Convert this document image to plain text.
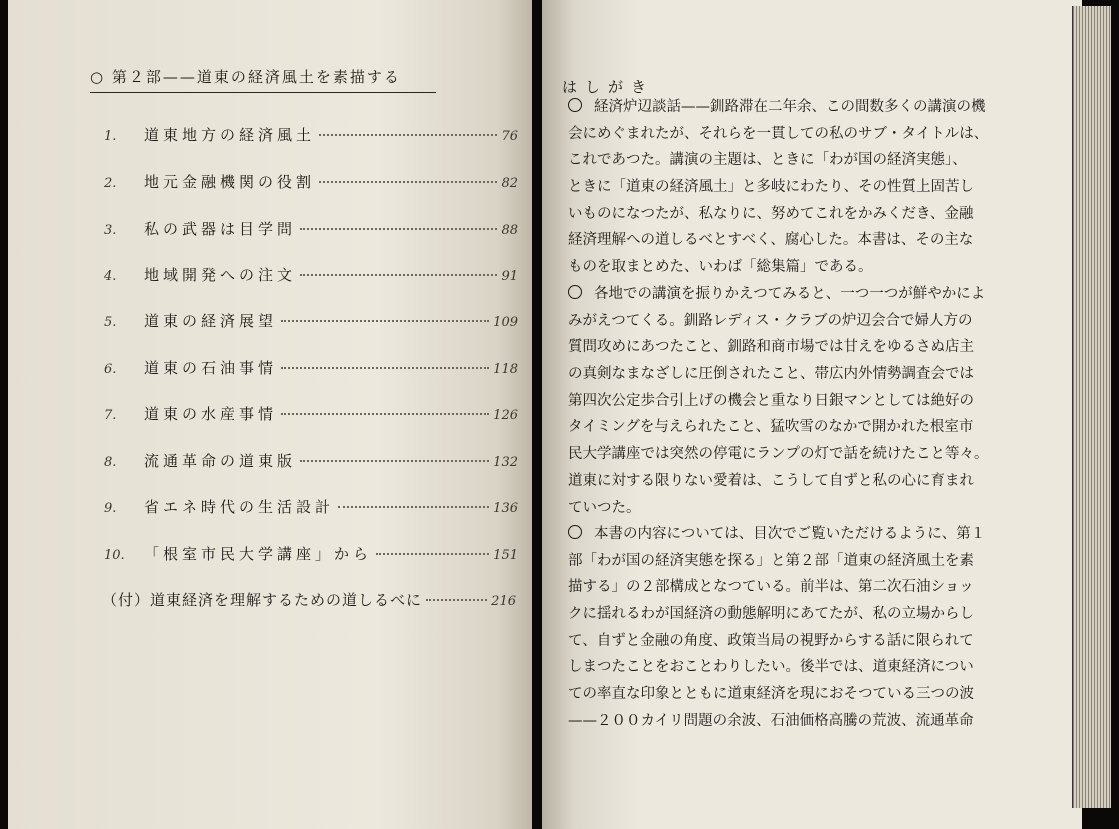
○ 第２部——道東の経済風土を素描する
1.	道東地方の経済風土	76
2.	地元金融機関の役割	82
3.	私の武器は目学問	88
4.	地域開発への注文	91
5.	道東の経済展望	109
6.	道東の石油事情	118
7.	道東の水産事情	126
8.	流通革命の道東版	132
9.	省エネ時代の生活設計	136
10.	「根室市民大学講座」から	151
（付）道東経済を理解するための道しるべに	216
はしがき
経済炉辺談話——釧路滞在二年余、この間数多くの講演の機
会にめぐまれたが、それらを一貫しての私のサブ・タイトルは、
これであつた。講演の主題は、ときに「わが国の経済実態」、
ときに「道東の経済風土」と多岐にわたり、その性質上固苦し
いものになつたが、私なりに、努めてこれをかみくだき、金融
経済理解への道しるべとすべく、腐心した。本書は、その主な
ものを取まとめた、いわば「総集篇」である。
各地での講演を振りかえつてみると、一つ一つが鮮やかによ
みがえつてくる。釧路レディス・クラブの炉辺会合で婦人方の
質問攻めにあつたこと、釧路和商市場では甘えをゆるさぬ店主
の真剣なまなざしに圧倒されたこと、帯広内外情勢調査会では
第四次公定歩合引上げの機会と重なり日銀マンとしては絶好の
タイミングを与えられたこと、猛吹雪のなかで開かれた根室市
民大学講座では突然の停電にランプの灯で話を続けたこと等々。
道東に対する限りない愛着は、こうして自ずと私の心に育まれ
ていつた。
本書の内容については、目次でご覧いただけるように、第１
部「わが国の経済実態を探る」と第２部「道東の経済風土を素
描する」の２部構成となつている。前半は、第二次石油ショッ
クに揺れるわが国経済の動態解明にあてたが、私の立場からし
て、自ずと金融の角度、政策当局の視野からする話に限られて
しまつたことをおことわりしたい。後半では、道東経済につい
ての率直な印象とともに道東経済を現におそつている三つの波
——２００カイリ問題の余波、石油価格高騰の荒波、流通革命
